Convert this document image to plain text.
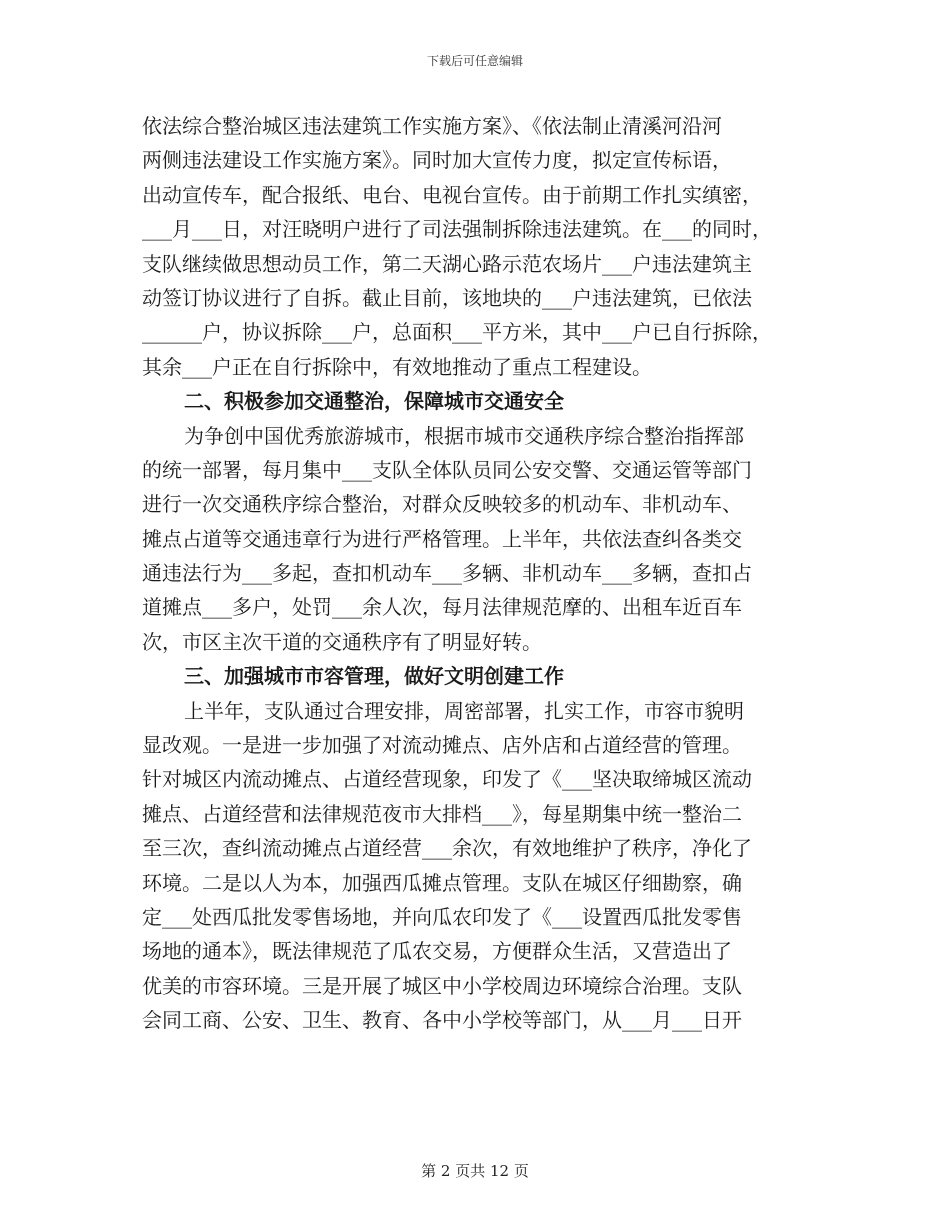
下载后可任意编辑
依法综合整治城区违法建筑工作实施方案》、《依法制止清溪河沿河
两侧违法建设工作实施方案》。同时加大宣传力度，拟定宣传标语，
出动宣传车，配合报纸、电台、电视台宣传。由于前期工作扎实缜密，
___月___日，对汪晓明户进行了司法强制拆除违法建筑。在___的同时，
支队继续做思想动员工作，第二天湖心路示范农场片___户违法建筑主
动签订协议进行了自拆。截止目前，该地块的___户违法建筑，已依法
______户，协议拆除___户，总面积___平方米，其中___户已自行拆除，
其余___户正在自行拆除中，有效地推动了重点工程建设。
二、积极参加交通整治，保障城市交通安全
为争创中国优秀旅游城市，根据市城市交通秩序综合整治指挥部
的统一部署，每月集中___支队全体队员同公安交警、交通运管等部门
进行一次交通秩序综合整治，对群众反映较多的机动车、非机动车、
摊点占道等交通违章行为进行严格管理。上半年，共依法查纠各类交
通违法行为___多起，查扣机动车___多辆、非机动车___多辆，查扣占
道摊点___多户，处罚___余人次，每月法律规范摩的、出租车近百车
次，市区主次干道的交通秩序有了明显好转。
三、加强城市市容管理，做好文明创建工作
上半年，支队通过合理安排，周密部署，扎实工作，市容市貌明
显改观。一是进一步加强了对流动摊点、店外店和占道经营的管理。
针对城区内流动摊点、占道经营现象，印发了《___坚决取缔城区流动
摊点、占道经营和法律规范夜市大排档___》，每星期集中统一整治二
至三次，查纠流动摊点占道经营___余次，有效地维护了秩序，净化了
环境。二是以人为本，加强西瓜摊点管理。支队在城区仔细勘察，确
定___处西瓜批发零售场地，并向瓜农印发了《___设置西瓜批发零售
场地的通本》，既法律规范了瓜农交易，方便群众生活，又营造出了
优美的市容环境。三是开展了城区中小学校周边环境综合治理。支队
会同工商、公安、卫生、教育、各中小学校等部门，从___月___日开
第 2 页共 12 页
